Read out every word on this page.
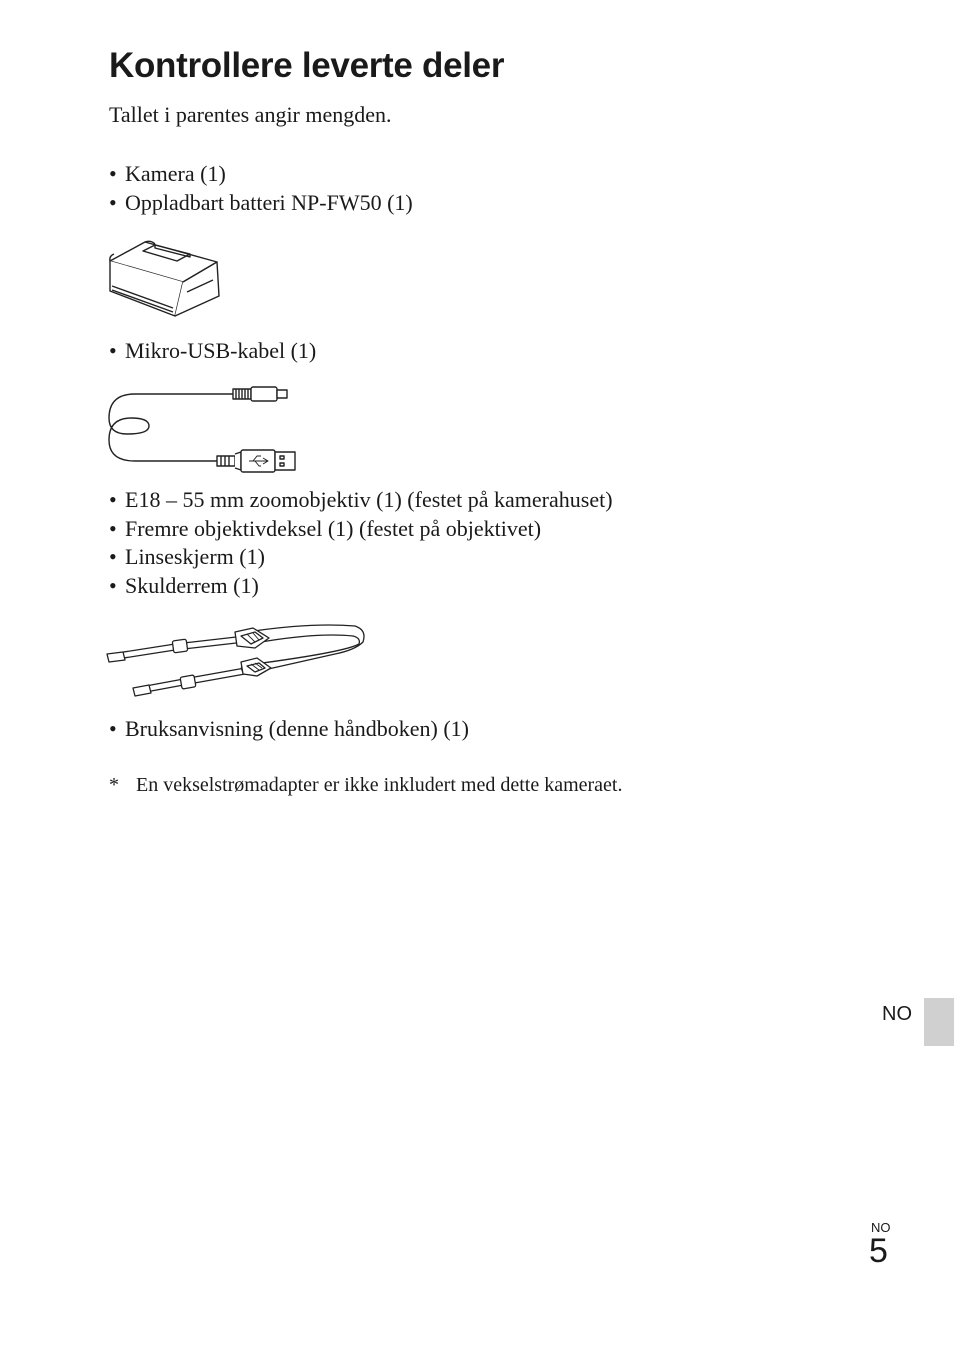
Kontrollere leverte deler
Tallet i parentes angir mengden.
• Kamera (1)
• Oppladbart batteri NP-FW50 (1)
• Mikro-USB-kabel (1)
• E18 – 55 mm zoomobjektiv (1) (festet på kamerahuset)
• Fremre objektivdeksel (1) (festet på objektivet)
• Linseskjerm (1)
• Skulderrem (1)
• Bruksanvisning (denne håndboken) (1)
* En vekselstrømadapter er ikke inkludert med dette kameraet.
NO
NO
5
